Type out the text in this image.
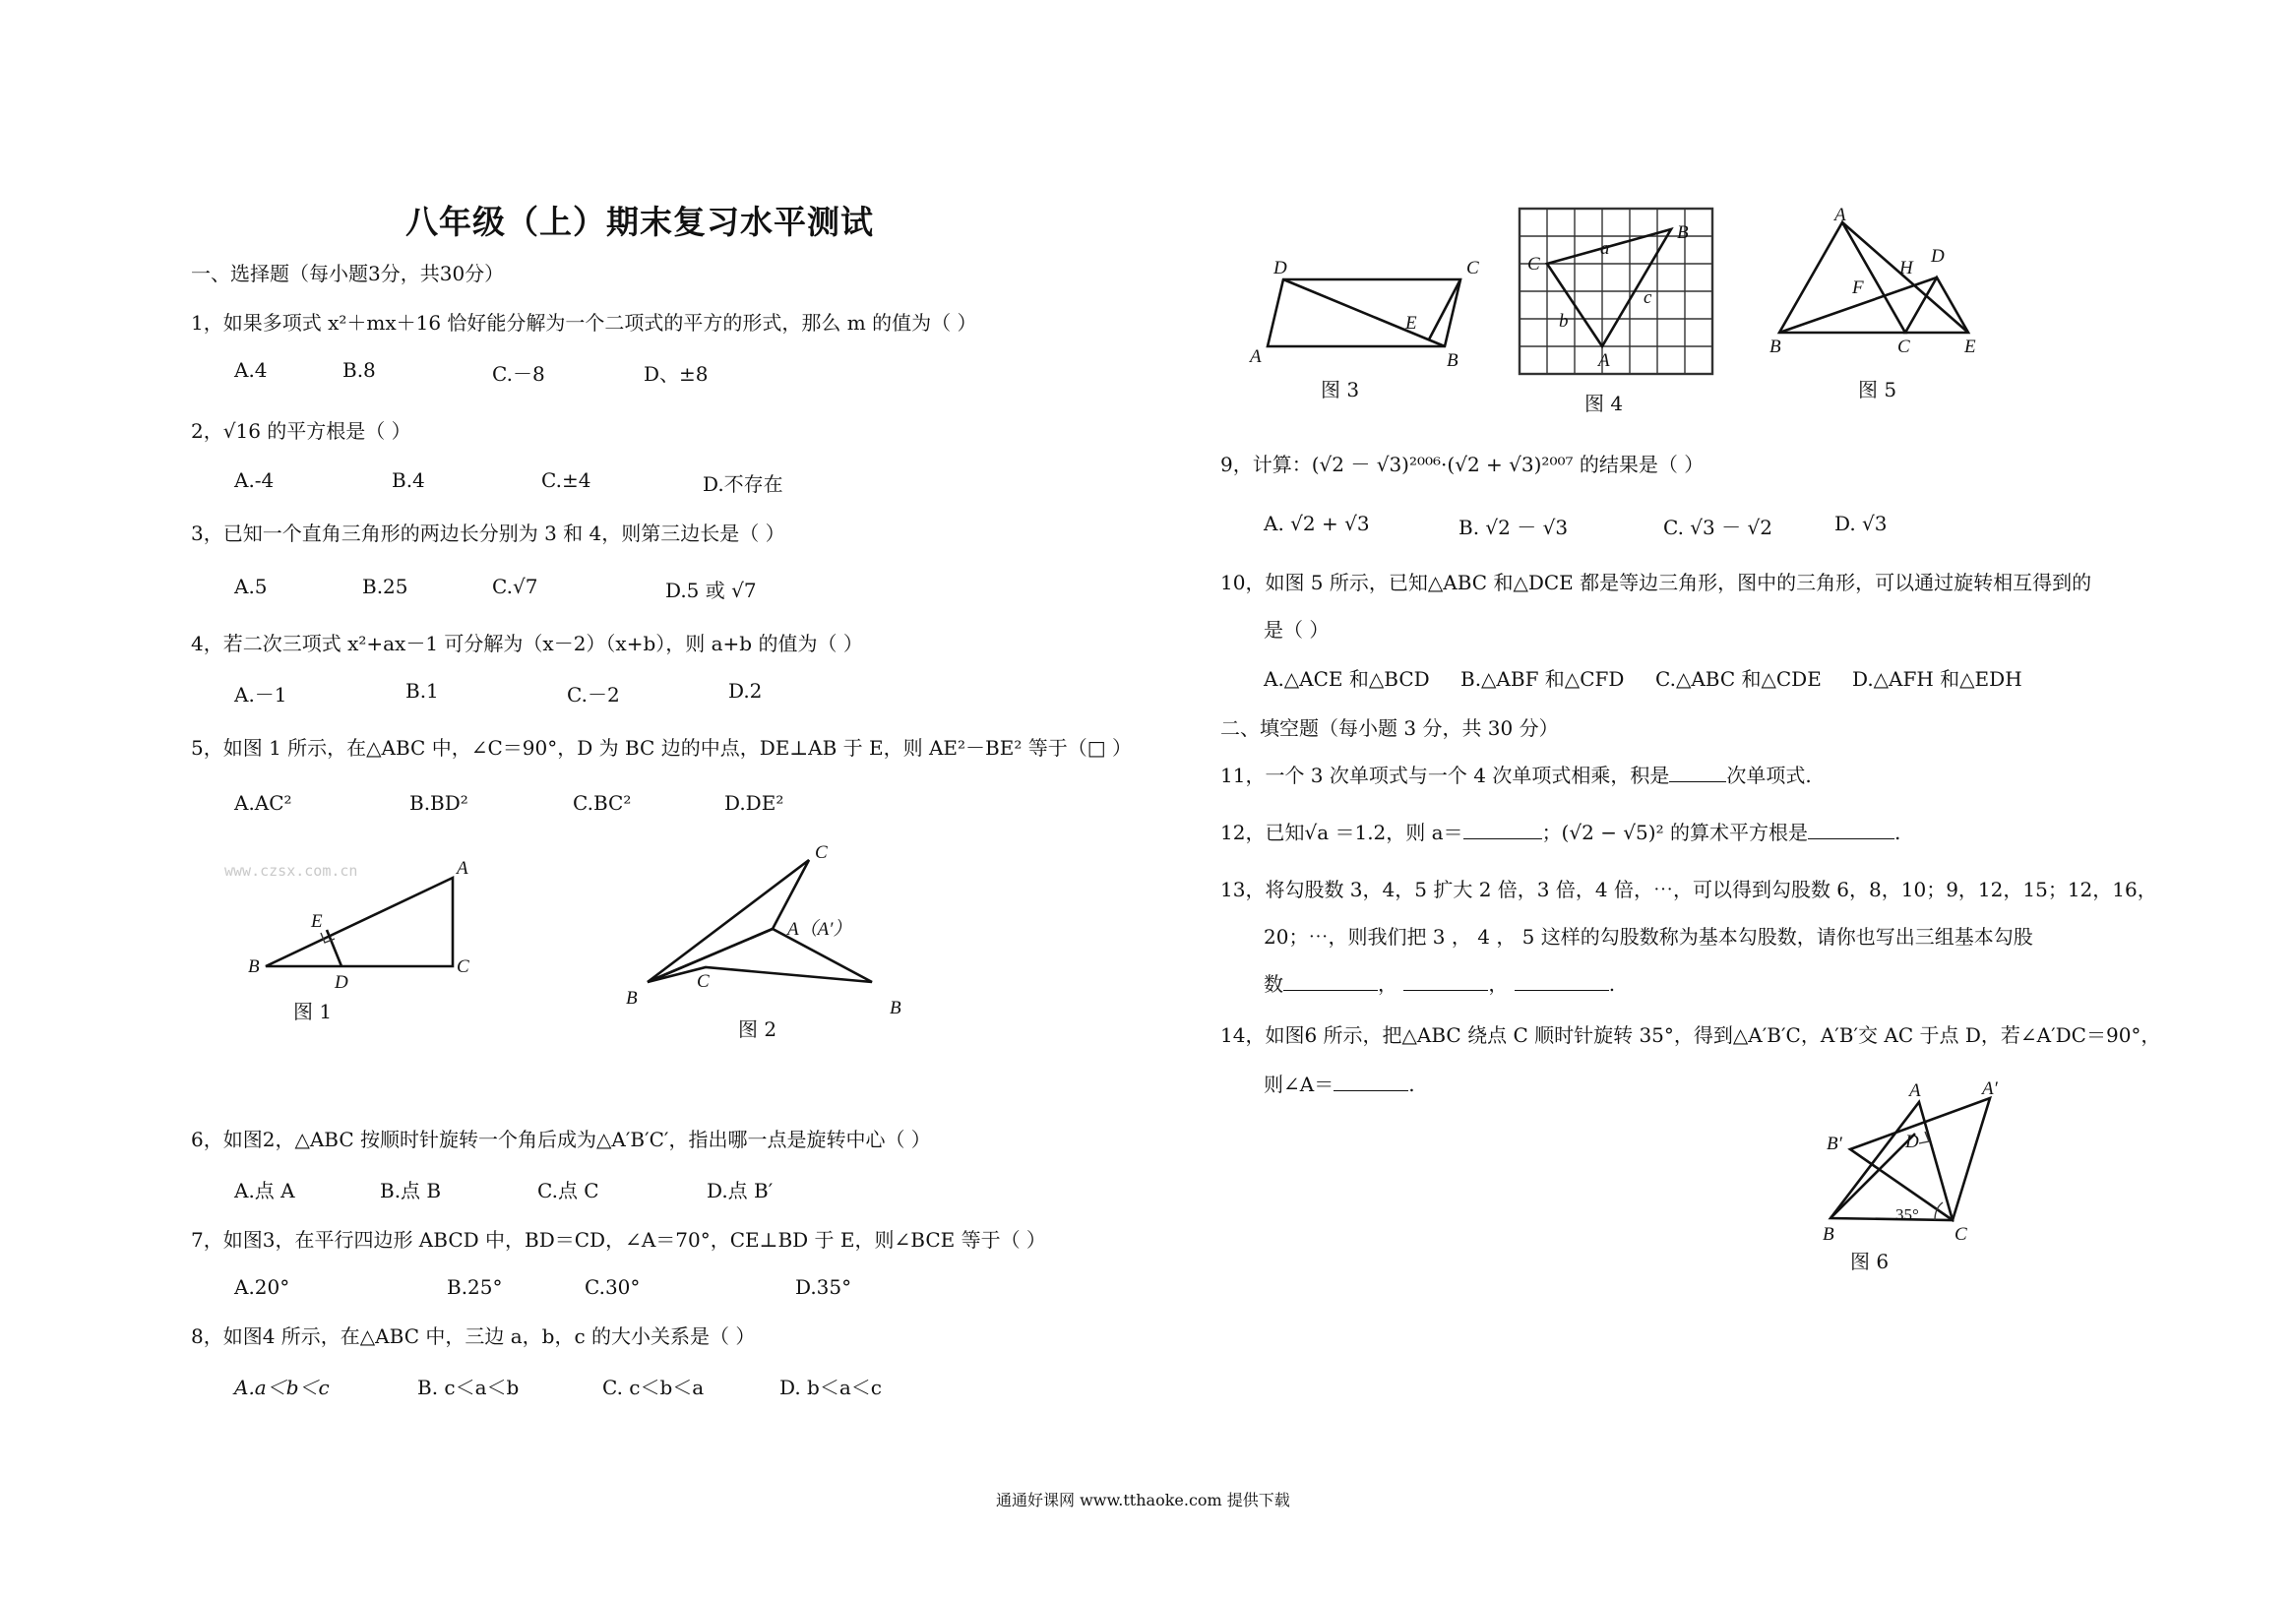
八年级（上）期末复习水平测试
一、选择题（每小题3分，共30分）
1，如果多项式 x²＋mx＋16 恰好能分解为一个二项式的平方的形式，那么 m 的值为（ ）
A.4	B.8	C.－8	D、±8
2，√16 的平方根是（ ）
A.-4	B.4	C.±4	D.不存在
3，已知一个直角三角形的两边长分别为 3 和 4，则第三边长是（ ）
A.5	B.25	C.√7	D.5 或 √7
4，若二次三项式 x²+ax－1 可分解为（x－2）（x+b），则 a+b 的值为（ ）
A.－1	B.1	C.－2	D.2
5，如图 1 所示，在△ABC 中，∠C＝90°，D 为 BC 边的中点，DE⊥AB 于 E，则 AE²－BE² 等于（□ ）
A.AC²	B.BD²	C.BC²	D.DE²
www.czsx.com.cn	A
B	C
D
E
图 1
C
A（A′）
C
B	B
图 2
6，如图2，△ABC 按顺时针旋转一个角后成为△A′B′C′，指出哪一点是旋转中心（ ）
A.点 A	B.点 B	C.点 C	D.点 B′
7，如图3，在平行四边形 ABCD 中，BD＝CD，∠A＝70°，CE⊥BD 于 E，则∠BCE 等于（ ）
A.20°	B.25°	C.30°	D.35°
8，如图4 所示，在△ABC 中，三边 a，b，c 的大小关系是（ ）
A.a＜b＜c	B. c＜a＜b	C. c＜b＜a	D. b＜a＜c
D	C
E
A	B
图 3
B
C
a
c
b
A
图 4
A
D
H
F
B	C	E
图 5
9，计算：(√2 － √3)²⁰⁰⁶·(√2 + √3)²⁰⁰⁷ 的结果是（ ）
A. √2 + √3	B. √2 － √3	C. √3 － √2	D. √3
10，如图 5 所示，已知△ABC 和△DCE 都是等边三角形，图中的三角形，可以通过旋转相互得到的
是（ ）
A.△ACE 和△BCD B.△ABF 和△CFD C.△ABC 和△CDE D.△AFH 和△EDH
二、填空题（每小题 3 分，共 30 分）
11，一个 3 次单项式与一个 4 次单项式相乘，积是	次单项式.
12，已知√a ＝1.2，则 a＝	；(√2 − √5)² 的算术平方根是	.
13，将勾股数 3，4，5 扩大 2 倍，3 倍，4 倍，⋯，可以得到勾股数 6，8，10；9，12，15；12，16，
20；⋯，则我们把 3 ， 4 ， 5 这样的勾股数称为基本勾股数，请你也写出三组基本勾股
数	，	，	.
14，如图6 所示，把△ABC 绕点 C 顺时针旋转 35°，得到△A′B′C，A′B′交 AC 于点 D，若∠A′DC＝90°，
则∠A＝	.	A	A′
B′	D
B
35°
C
图 6
通通好课网 www.tthaoke.com 提供下载
